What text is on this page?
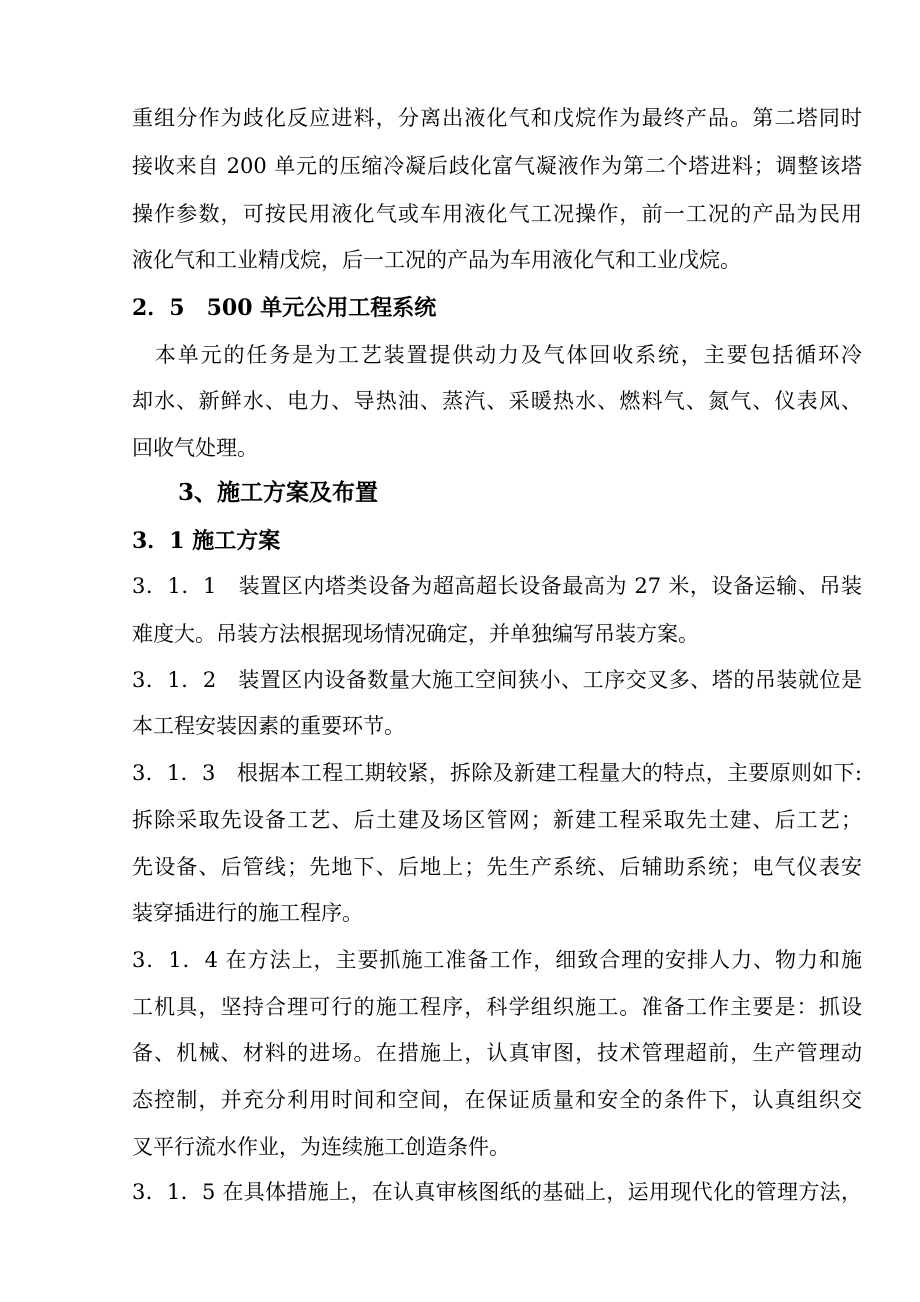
重组分作为歧化反应进料，分离出液化气和戊烷作为最终产品。第二塔同时
接收来自 200 单元的压缩冷凝后歧化富气凝液作为第二个塔进料；调整该塔
操作参数，可按民用液化气或车用液化气工况操作，前一工况的产品为民用
液化气和工业精戊烷，后一工况的产品为车用液化气和工业戊烷。
2．5　500 单元公用工程系统
　本单元的任务是为工艺装置提供动力及气体回收系统，主要包括循环冷
却水、新鲜水、电力、导热油、蒸汽、采暖热水、燃料气、氮气、仪表风、
回收气处理。
3、施工方案及布置
3．1 施工方案
3．1．1　装置区内塔类设备为超高超长设备最高为 27 米，设备运输、吊装
难度大。吊装方法根据现场情况确定，并单独编写吊装方案。
3．1．2　装置区内设备数量大施工空间狭小、工序交叉多、塔的吊装就位是
本工程安装因素的重要环节。
3．1．3　根据本工程工期较紧，拆除及新建工程量大的特点，主要原则如下:
拆除采取先设备工艺、后土建及场区管网；新建工程采取先土建、后工艺；
先设备、后管线；先地下、后地上；先生产系统、后辅助系统；电气仪表安
装穿插进行的施工程序。
3．1．4 在方法上，主要抓施工准备工作，细致合理的安排人力、物力和施
工机具，坚持合理可行的施工程序，科学组织施工。准备工作主要是：抓设
备、机械、材料的进场。在措施上，认真审图，技术管理超前，生产管理动
态控制，并充分利用时间和空间，在保证质量和安全的条件下，认真组织交
叉平行流水作业，为连续施工创造条件。
3．1．5 在具体措施上，在认真审核图纸的基础上，运用现代化的管理方法，
